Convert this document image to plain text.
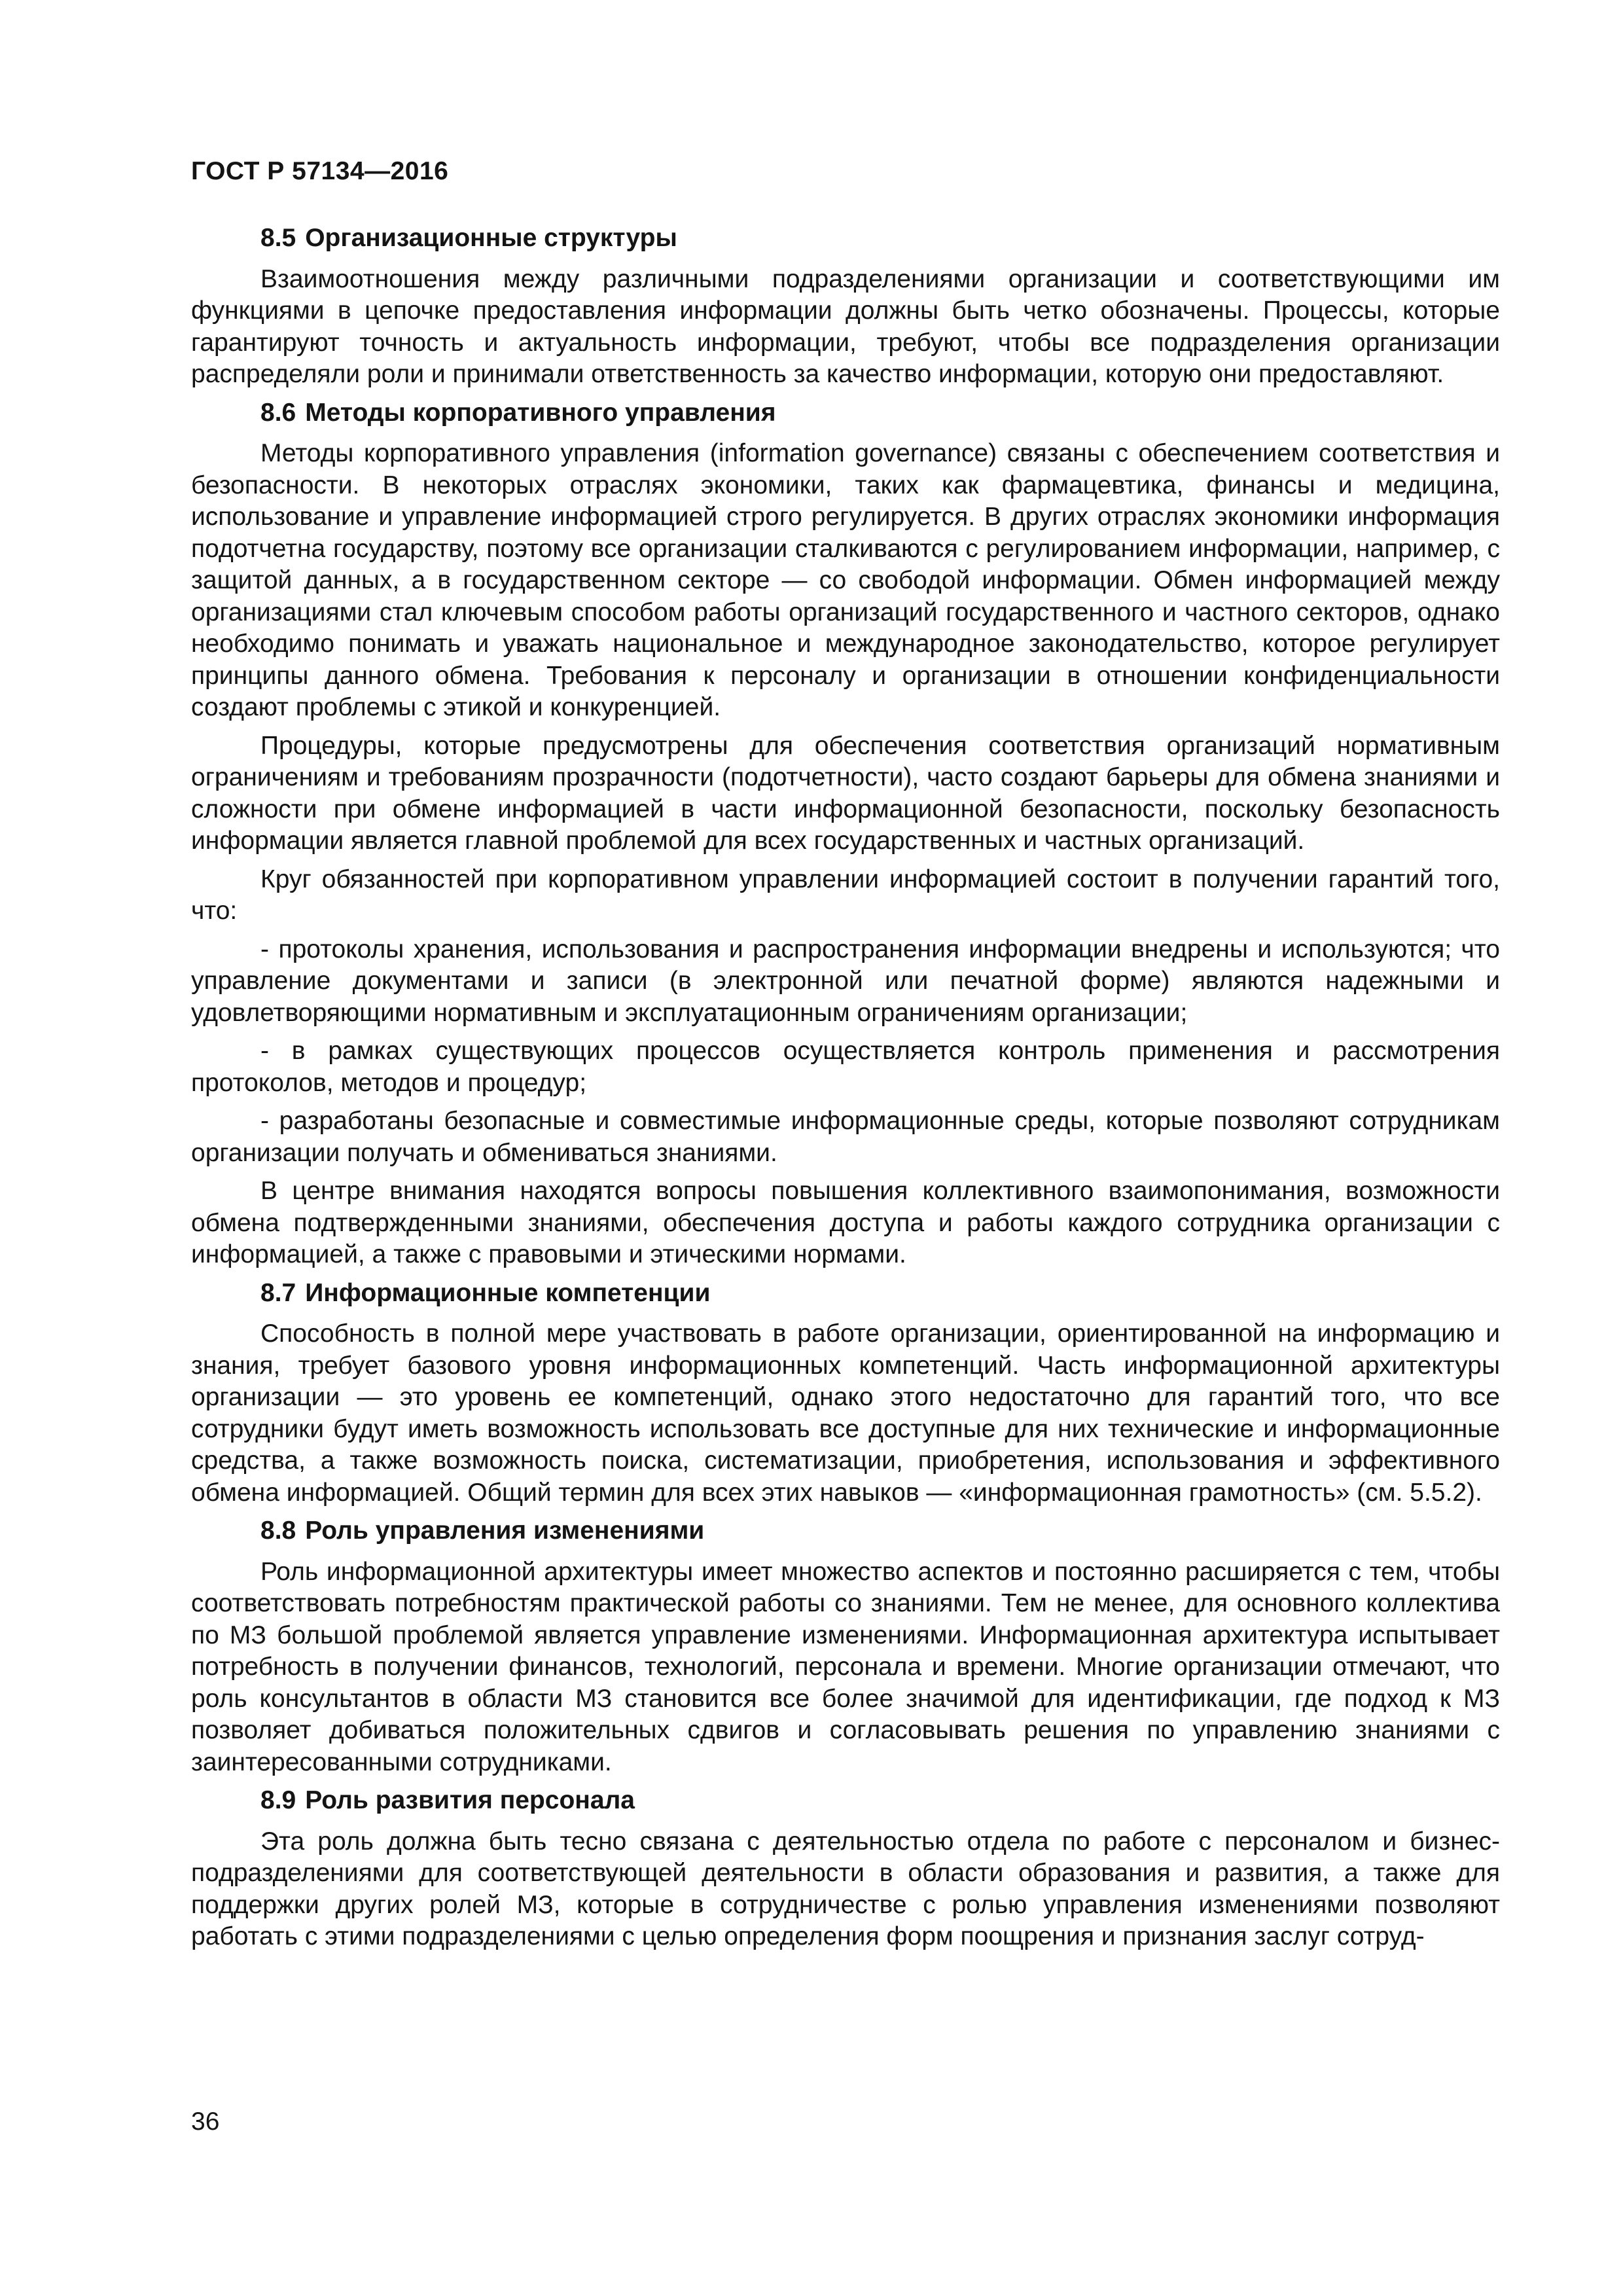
ГОСТ Р 57134—2016
8.5 Организационные структуры

Взаимоотношения между различными подразделениями организации и соответствующими им функциями в цепочке предоставления информации должны быть четко обозначены. Процессы, которые гарантируют точность и актуальность информации, требуют, чтобы все подразделения организации распределяли роли и принимали ответственность за качество информации, которую они предоставляют.

8.6 Методы корпоративного управления

Методы корпоративного управления (information governance) связаны с обеспечением соответствия и безопасности. В некоторых отраслях экономики, таких как фармацевтика, финансы и медицина, использование и управление информацией строго регулируется. В других отраслях экономики информация подотчетна государству, поэтому все организации сталкиваются с регулированием информации, например, с защитой данных, а в государственном секторе — со свободой информации. Обмен информацией между организациями стал ключевым способом работы организаций государственного и частного секторов, однако необходимо понимать и уважать национальное и международное законодательство, которое регулирует принципы данного обмена. Требования к персоналу и организации в отношении конфиденциальности создают проблемы с этикой и конкуренцией.

Процедуры, которые предусмотрены для обеспечения соответствия организаций нормативным ограничениям и требованиям прозрачности (подотчетности), часто создают барьеры для обмена знаниями и сложности при обмене информацией в части информационной безопасности, поскольку безопасность информации является главной проблемой для всех государственных и частных организаций.

Круг обязанностей при корпоративном управлении информацией состоит в получении гарантий того, что:

- протоколы хранения, использования и распространения информации внедрены и используются; что управление документами и записи (в электронной или печатной форме) являются надежными и удовлетворяющими нормативным и эксплуатационным ограничениям организации;

- в рамках существующих процессов осуществляется контроль применения и рассмотрения протоколов, методов и процедур;

- разработаны безопасные и совместимые информационные среды, которые позволяют сотрудникам организации получать и обмениваться знаниями.

В центре внимания находятся вопросы повышения коллективного взаимопонимания, возможности обмена подтвержденными знаниями, обеспечения доступа и работы каждого сотрудника организации с информацией, а также с правовыми и этическими нормами.

8.7 Информационные компетенции

Способность в полной мере участвовать в работе организации, ориентированной на информацию и знания, требует базового уровня информационных компетенций. Часть информационной архитектуры организации — это уровень ее компетенций, однако этого недостаточно для гарантий того, что все сотрудники будут иметь возможность использовать все доступные для них технические и информационные средства, а также возможность поиска, систематизации, приобретения, использования и эффективного обмена информацией. Общий термин для всех этих навыков — «информационная грамотность» (см. 5.5.2).

8.8 Роль управления изменениями

Роль информационной архитектуры имеет множество аспектов и постоянно расширяется с тем, чтобы соответствовать потребностям практической работы со знаниями. Тем не менее, для основного коллектива по МЗ большой проблемой является управление изменениями. Информационная архитектура испытывает потребность в получении финансов, технологий, персонала и времени. Многие организации отмечают, что роль консультантов в области МЗ становится все более значимой для идентификации, где подход к МЗ позволяет добиваться положительных сдвигов и согласовывать решения по управлению знаниями с заинтересованными сотрудниками.

8.9 Роль развития персонала

Эта роль должна быть тесно связана с деятельностью отдела по работе с персоналом и бизнес-подразделениями для соответствующей деятельности в области образования и развития, а также для поддержки других ролей МЗ, которые в сотрудничестве с ролью управления изменениями позволяют работать с этими подразделениями с целью определения форм поощрения и признания заслуг сотруд-

36
